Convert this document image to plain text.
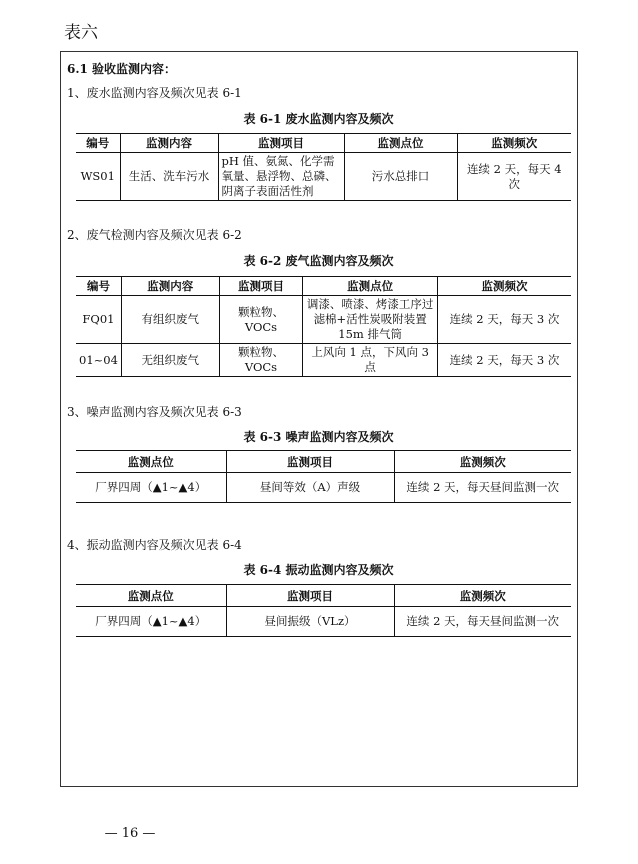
表六
6.1 验收监测内容：
1、废水监测内容及频次见表 6-1
表 6-1 废水监测内容及频次
编号	监测内容	监测项目	监测点位	监测频次
WS01	生活、洗车污水	pH 值、氨氮、化学需氧量、悬浮物、总磷、阴离子表面活性剂	污水总排口	连续 2 天，每天 4 次
2、废气检测内容及频次见表 6-2
表 6-2 废气监测内容及频次
编号	监测内容	监测项目	监测点位	监测频次
FQ01	有组织废气	颗粒物、VOCs	调漆、喷漆、烤漆工序过滤棉+活性炭吸附装置 15m 排气筒	连续 2 天，每天 3 次
01~04	无组织废气	颗粒物、VOCs	上风向 1 点，下风向 3 点	连续 2 天，每天 3 次
3、噪声监测内容及频次见表 6-3
表 6-3 噪声监测内容及频次
监测点位	监测项目	监测频次
厂界四周（▲1~▲4）	昼间等效（A）声级	连续 2 天，每天昼间监测一次
4、振动监测内容及频次见表 6-4
表 6-4 振动监测内容及频次
监测点位	监测项目	监测频次
厂界四周（▲1~▲4）	昼间振级（VLz）	连续 2 天，每天昼间监测一次
— 16 —
